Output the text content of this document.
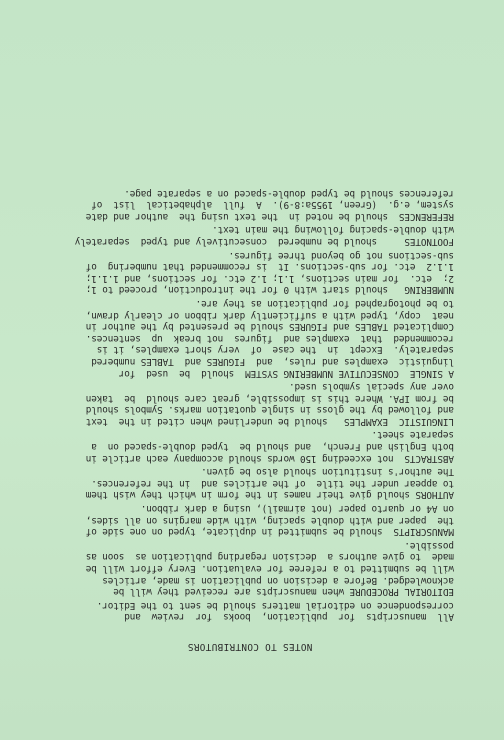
NOTES TO CONTRIBUTORS
All  manuscripts  for  publication,  books  for  review  and
correspondence on editorial matters should be sent to the Editor.
EDITORIAL PROCEDURE when manuscripts are received they will be
acknowledged. Before a decision on publication is made, articles
will be submitted to a referee for evaluation. Every effort will be
made  to give authors a  decision regarding publication as  soon as
possible.
MANUSCRIPTS  should be submitted in duplicate, typed on one side of
the  paper and with double spacing, with wide margins on all sides,
on A4 or quarto paper (not airmail), using a dark ribbon.
AUTHORS should give their names in the form in which they wish them
to appear under the title  of the articles and  in the references.
The author's institution should also be given.
ABSTRACTS  not exceeding 150 words should accompany each article in
both English and French,  and should be  typed double-spaced on  a
separate sheet.
LINGUISTIC  EXAMPLES   should be underlined when cited in the  text
and followed by the gloss in single quotation marks. Symbols should
be from IPA. Where this is impossible, great care should  be  taken
over any special symbols used.
A SINGLE  CONSECUTIVE NUMBERING SYSTEM  should  be  used  for
linguistic  examples and rules,  and  FIGURES and  TABLES numbered
separately.  Except  in  the case  of  very short examples, it is
recommended  that  examples and  figures  not break  up  sentences.
Complicated TABLES and FIGURES should be presented by the author in
neat  copy, typed with a sufficiently dark ribbon or clearly drawn,
to be photographed for publication as they are.
NUMBERING   should start with 0 for the introduction, proceed to 1;
2;  etc.  for main sections, 1.1; 1.2 etc. for sections, and 1.1.1;
1.1.2  etc. for sub-sections. It  is recommended that numbering  of
sub-sections not go beyond three figures.
FOOTNOTES     should be numbered  consecutively and typed  separately
with double-spacing following the main text.
REFERENCES  should be noted in  the text using the  author and date
system, e.g.  (Green, 1955a:8-9).  A  full  alphabetical  list  of
references should be typed double-spaced on a separate page.
